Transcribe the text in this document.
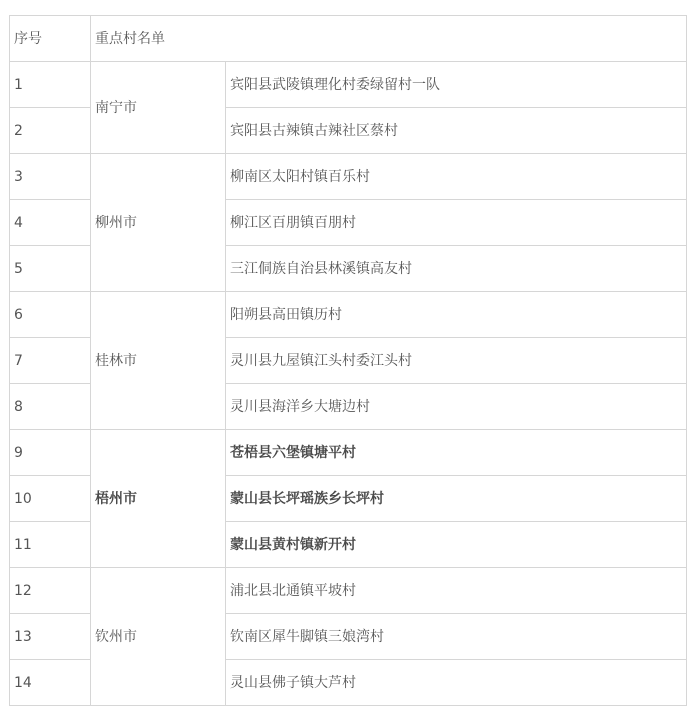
序号	重点村名单	
1	南宁市	宾阳县武陵镇理化村委绿留村一队
2		宾阳县古辣镇古辣社区蔡村
3	柳州市	柳南区太阳村镇百乐村
4		柳江区百朋镇百朋村
5		三江侗族自治县林溪镇高友村
6	桂林市	阳朔县高田镇历村
7		灵川县九屋镇江头村委江头村
8		灵川县海洋乡大塘边村
9	梧州市	苍梧县六堡镇塘平村
10		蒙山县长坪瑶族乡长坪村
11		蒙山县黄村镇新开村
12	钦州市	浦北县北通镇平坡村
13		钦南区犀牛脚镇三娘湾村
14		灵山县佛子镇大芦村
